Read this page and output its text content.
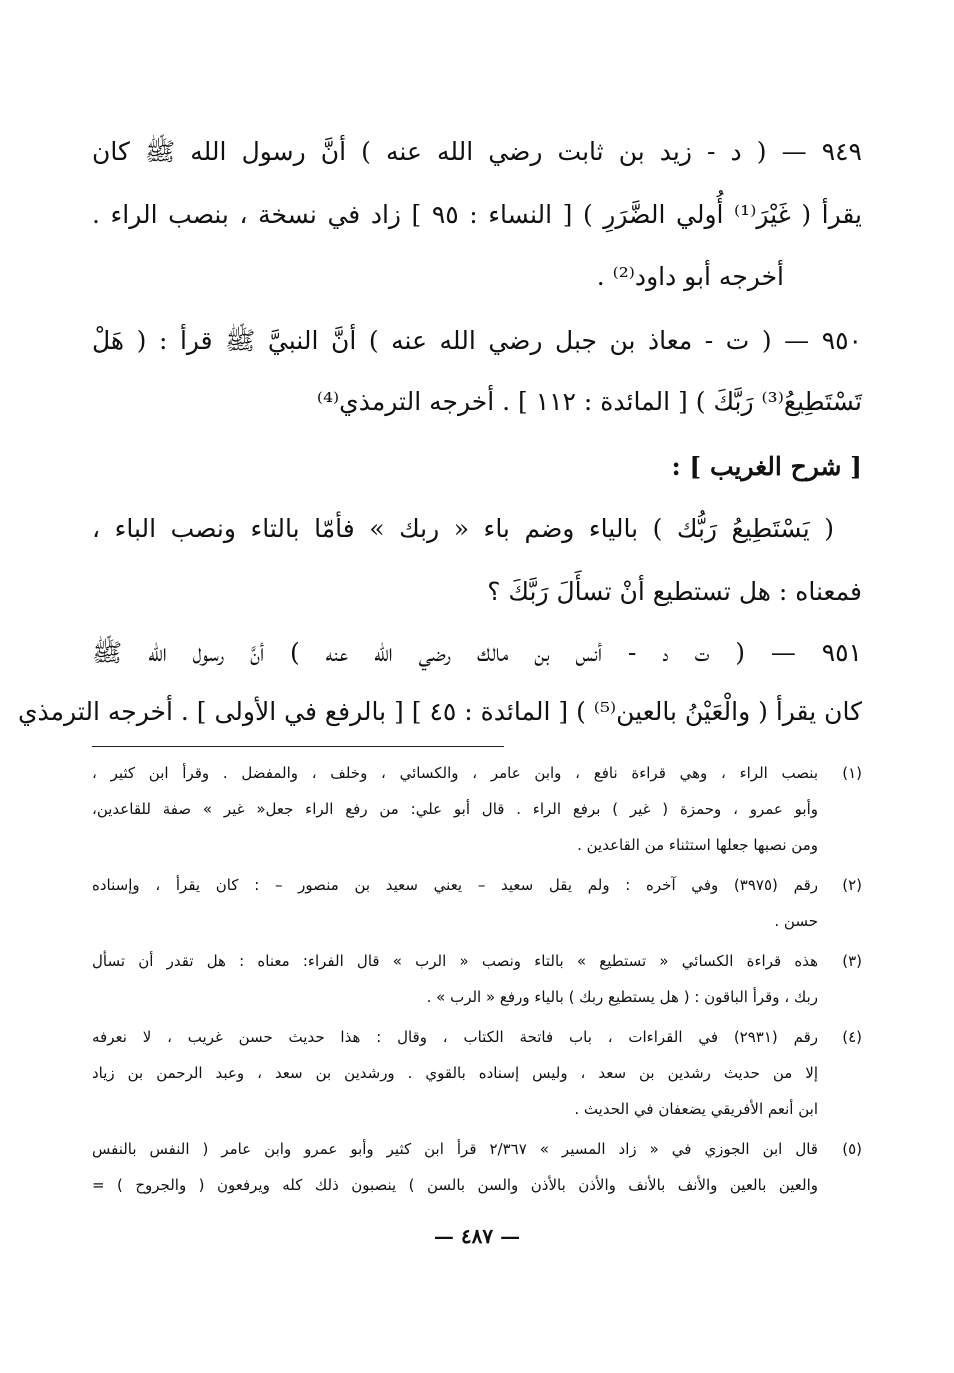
٩٤٩ — ( د - زيد بن ثابت رضي الله عنه ) أنَّ رسول الله ﷺ كان
يقرأ ( غَيْرَ⁽¹⁾ أُولي الضَّرَرِ ) [ النساء : ٩٥ ] زاد في نسخة ، بنصب الراء .
أخرجه أبو داود⁽²⁾ .
٩٥٠ — ( ت - معاذ بن جبل رضي الله عنه ) أنَّ النبيَّ ﷺ قرأ : ( هَلْ
تَسْتَطِيعُ⁽³⁾ رَبَّكَ ) [ المائدة : ١١٢ ] . أخرجه الترمذي⁽⁴⁾
[ شرح الغريب ] :
( يَسْتَطِيعُ رَبُّك ) بالياء وضم باء « ربك » فأمّا بالتاء ونصب الباء ،
فمعناه : هل تستطيع أنْ تسأَلَ رَبَّكَ ؟
٩٥١ — ( ت د - أنس بن مالك رضي الله عنه ) أنَّ رسول الله ﷺ
كان يقرأ ( والْعَيْنُ بالعين⁽⁵⁾ ) [ المائدة : ٤٥ ] [ بالرفع في الأولى ] . أخرجه الترمذي
(١)بنصب الراء ، وهي قراءة نافع ، وابن عامر ، والكسائي ، وخلف ، والمفضل . وقرأ ابن كثير ،
وأبو عمرو ، وحمزة ( غير ) برفع الراء . قال أبو علي: من رفع الراء جعل« غير » صفة للقاعدين،
ومن نصبها جعلها استثناء من القاعدين .
(٢)رقم (٣٩٧٥) وفي آخره : ولم يقل سعيد – يعني سعيد بن منصور – : كان يقرأ ، وإسناده
حسن .
(٣)هذه قراءة الكسائي « تستطيع » بالتاء ونصب « الرب » قال الفراء: معناه : هل تقدر أن تسأل
ربك ، وقرأ الباقون : ( هل يستطيع ربك ) بالياء ورفع « الرب » .
(٤)رقم (٢٩٣١) في القراءات ، باب فاتحة الكتاب ، وقال : هذا حديث حسن غريب ، لا نعرفه
إلا من حديث رشدين بن سعد ، وليس إسناده بالقوي . ورشدين بن سعد ، وعبد الرحمن بن زياد
ابن أنعم الأفريقي يضعفان في الحديث .
(٥)قال ابن الجوزي في « زاد المسير » ٢/٣٦٧ قرأ ابن كثير وأبو عمرو وابن عامر ( النفس بالنفس
والعين بالعين والأنف بالأنف والأذن بالأذن والسن بالسن ) ينصبون ذلك كله ويرفعون ( والجروح ) =
— ٤٨٧ —
